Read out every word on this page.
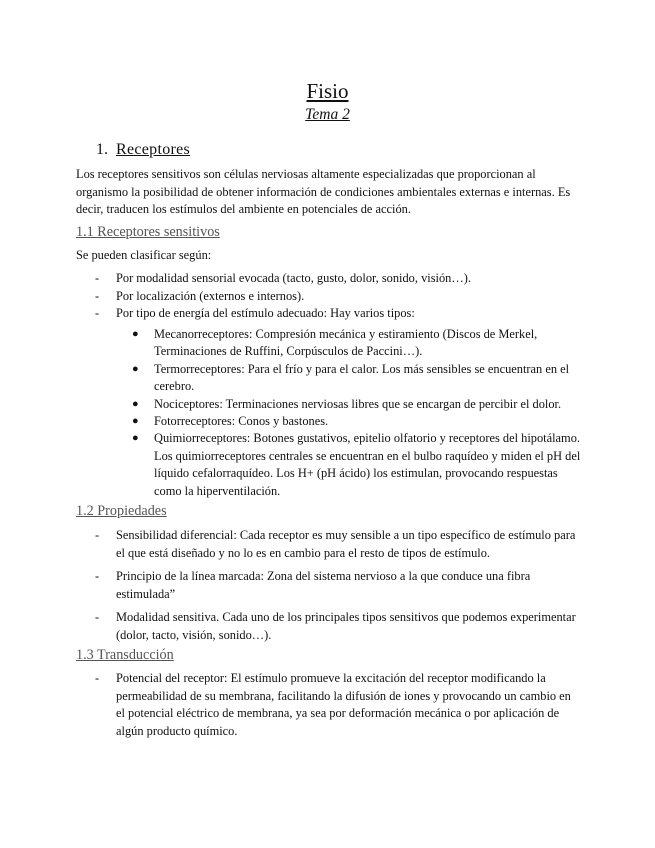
Fisio
Tema 2
1. Receptores

Los receptores sensitivos son células nerviosas altamente especializadas que proporcionan al organismo la posibilidad de obtener información de condiciones ambientales externas e internas. Es decir, traducen los estímulos del ambiente en potenciales de acción.

1.1 Receptores sensitivos

Se pueden clasificar según:

- Por modalidad sensorial evocada (tacto, gusto, dolor, sonido, visión…).
- Por localización (externos e internos).
- Por tipo de energía del estímulo adecuado: Hay varios tipos:
● Mecanorreceptores: Compresión mecánica y estiramiento (Discos de Merkel, Terminaciones de Ruffini, Corpúsculos de Paccini…).
● Termorreceptores: Para el frío y para el calor. Los más sensibles se encuentran en el cerebro.
● Nociceptores: Terminaciones nerviosas libres que se encargan de percibir el dolor.
● Fotorreceptores: Conos y bastones.
● Quimiorreceptores: Botones gustativos, epitelio olfatorio y receptores del hipotálamo. Los quimiorreceptores centrales se encuentran en el bulbo raquídeo y miden el pH del líquido cefalorraquídeo. Los H+ (pH ácido) los estimulan, provocando respuestas como la hiperventilación.
1.2 Propiedades
- Sensibilidad diferencial: Cada receptor es muy sensible a un tipo específico de estímulo para el que está diseñado y no lo es en cambio para el resto de tipos de estímulo.
- Principio de la línea marcada: Zona del sistema nervioso a la que conduce una fibra estimulada”
- Modalidad sensitiva. Cada uno de los principales tipos sensitivos que podemos experimentar (dolor, tacto, visión, sonido…).
1.3 Transducción
- Potencial del receptor: El estímulo promueve la excitación del receptor modificando la permeabilidad de su membrana, facilitando la difusión de iones y provocando un cambio en el potencial eléctrico de membrana, ya sea por deformación mecánica o por aplicación de algún producto químico.
